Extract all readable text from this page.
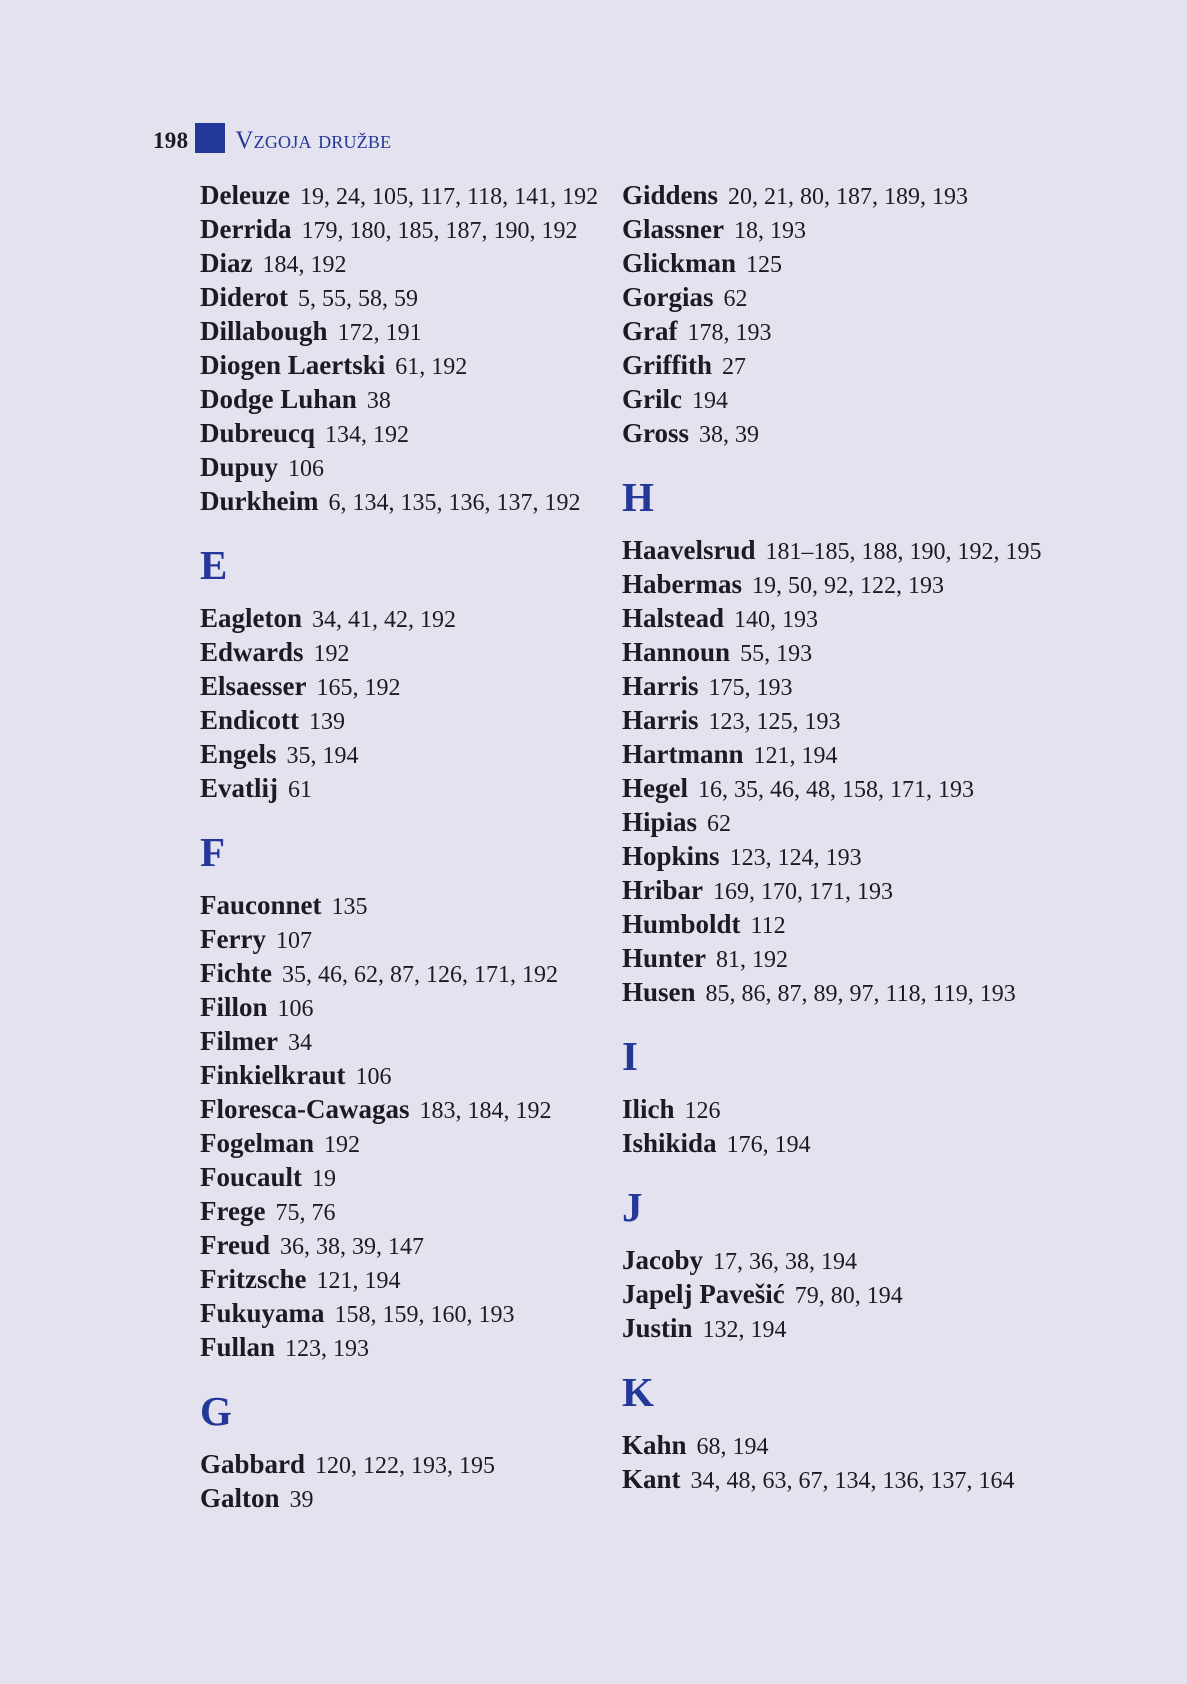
198 Vzgoja družbe
Deleuze 19, 24, 105, 117, 118, 141, 192
Derrida 179, 180, 185, 187, 190, 192
Diaz 184, 192
Diderot 5, 55, 58, 59
Dillabough 172, 191
Diogen Laertski 61, 192
Dodge Luhan 38
Dubreucq 134, 192
Dupuy 106
Durkheim 6, 134, 135, 136, 137, 192
E
Eagleton 34, 41, 42, 192
Edwards 192
Elsaesser 165, 192
Endicott 139
Engels 35, 194
Evatlij 61
F
Fauconnet 135
Ferry 107
Fichte 35, 46, 62, 87, 126, 171, 192
Fillon 106
Filmer 34
Finkielkraut 106
Floresca-Cawagas 183, 184, 192
Fogelman 192
Foucault 19
Frege 75, 76
Freud 36, 38, 39, 147
Fritzsche 121, 194
Fukuyama 158, 159, 160, 193
Fullan 123, 193
G
Gabbard 120, 122, 193, 195
Galton 39
Giddens 20, 21, 80, 187, 189, 193
Glassner 18, 193
Glickman 125
Gorgias 62
Graf 178, 193
Griffith 27
Grilc 194
Gross 38, 39
H
Haavelsrud 181–185, 188, 190, 192, 195
Habermas 19, 50, 92, 122, 193
Halstead 140, 193
Hannoun 55, 193
Harris 175, 193
Harris 123, 125, 193
Hartmann 121, 194
Hegel 16, 35, 46, 48, 158, 171, 193
Hipias 62
Hopkins 123, 124, 193
Hribar 169, 170, 171, 193
Humboldt 112
Hunter 81, 192
Husen 85, 86, 87, 89, 97, 118, 119, 193
I
Ilich 126
Ishikida 176, 194
J
Jacoby 17, 36, 38, 194
Japelj Pavešić 79, 80, 194
Justin 132, 194
K
Kahn 68, 194
Kant 34, 48, 63, 67, 134, 136, 137, 164
